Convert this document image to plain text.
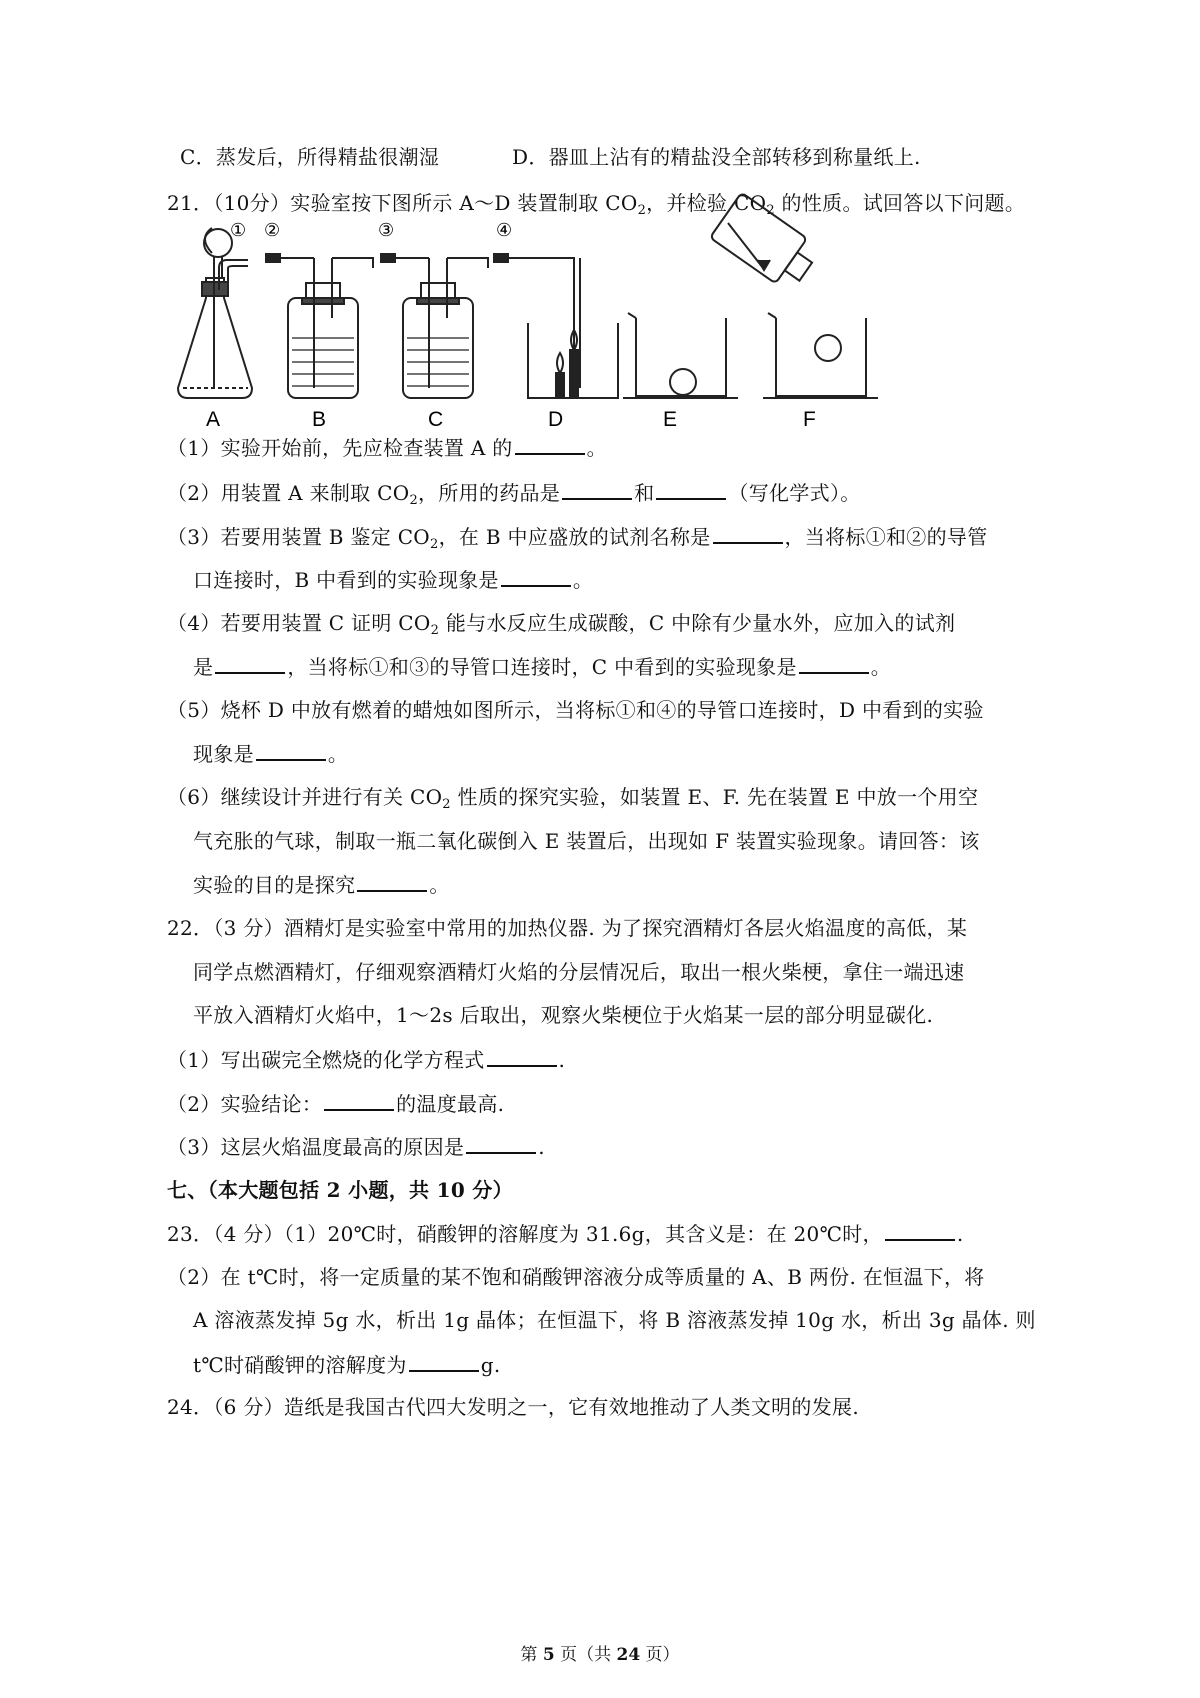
C．蒸发后，所得精盐很潮湿	D．器皿上沾有的精盐没全部转移到称量纸上.
21．（10分）实验室按下图所示 A～D 装置制取 $CO_2$，并检验 $CO_2$ 的性质。试回答以下问题。
① ②	③	④
A	B	C	D	E	F
（1）实验开始前，先应检查装置 A 的	。
（2）用装置 A 来制取 $CO_2$，所用的药品是	和	（写化学式）。
（3）若要用装置 B 鉴定 $CO_2$，在 B 中应盛放的试剂名称是	，当将标①和②的导管
口连接时，B 中看到的实验现象是	。
（4）若要用装置 C 证明 $CO_2$ 能与水反应生成碳酸，C 中除有少量水外，应加入的试剂
是	，当将标①和③的导管口连接时，C 中看到的实验现象是	。
（5）烧杯 D 中放有燃着的蜡烛如图所示，当将标①和④的导管口连接时，D 中看到的实验
现象是	。
（6）继续设计并进行有关 $CO_2$ 性质的探究实验，如装置 E、F. 先在装置 E 中放一个用空
气充胀的气球，制取一瓶二氧化碳倒入 E 装置后，出现如 F 装置实验现象。请回答：该
实验的目的是探究	。
22．（3 分）酒精灯是实验室中常用的加热仪器. 为了探究酒精灯各层火焰温度的高低，某
同学点燃酒精灯，仔细观察酒精灯火焰的分层情况后，取出一根火柴梗，拿住一端迅速
平放入酒精灯火焰中，1～2s 后取出，观察火柴梗位于火焰某一层的部分明显碳化.
（1）写出碳完全燃烧的化学方程式	.
（2）实验结论：	的温度最高.
（3）这层火焰温度最高的原因是	.
七、（本大题包括 2 小题，共 10 分）
23．（4 分）（1）20℃时，硝酸钾的溶解度为 31.6g，其含义是：在 20℃时，	.
（2）在 t℃时，将一定质量的某不饱和硝酸钾溶液分成等质量的 A、B 两份. 在恒温下，将
A 溶液蒸发掉 5g 水，析出 1g 晶体；在恒温下，将 B 溶液蒸发掉 10g 水，析出 3g 晶体. 则
t℃时硝酸钾的溶解度为	g.
24．（6 分）造纸是我国古代四大发明之一，它有效地推动了人类文明的发展.
第 5 页（共 24 页）
